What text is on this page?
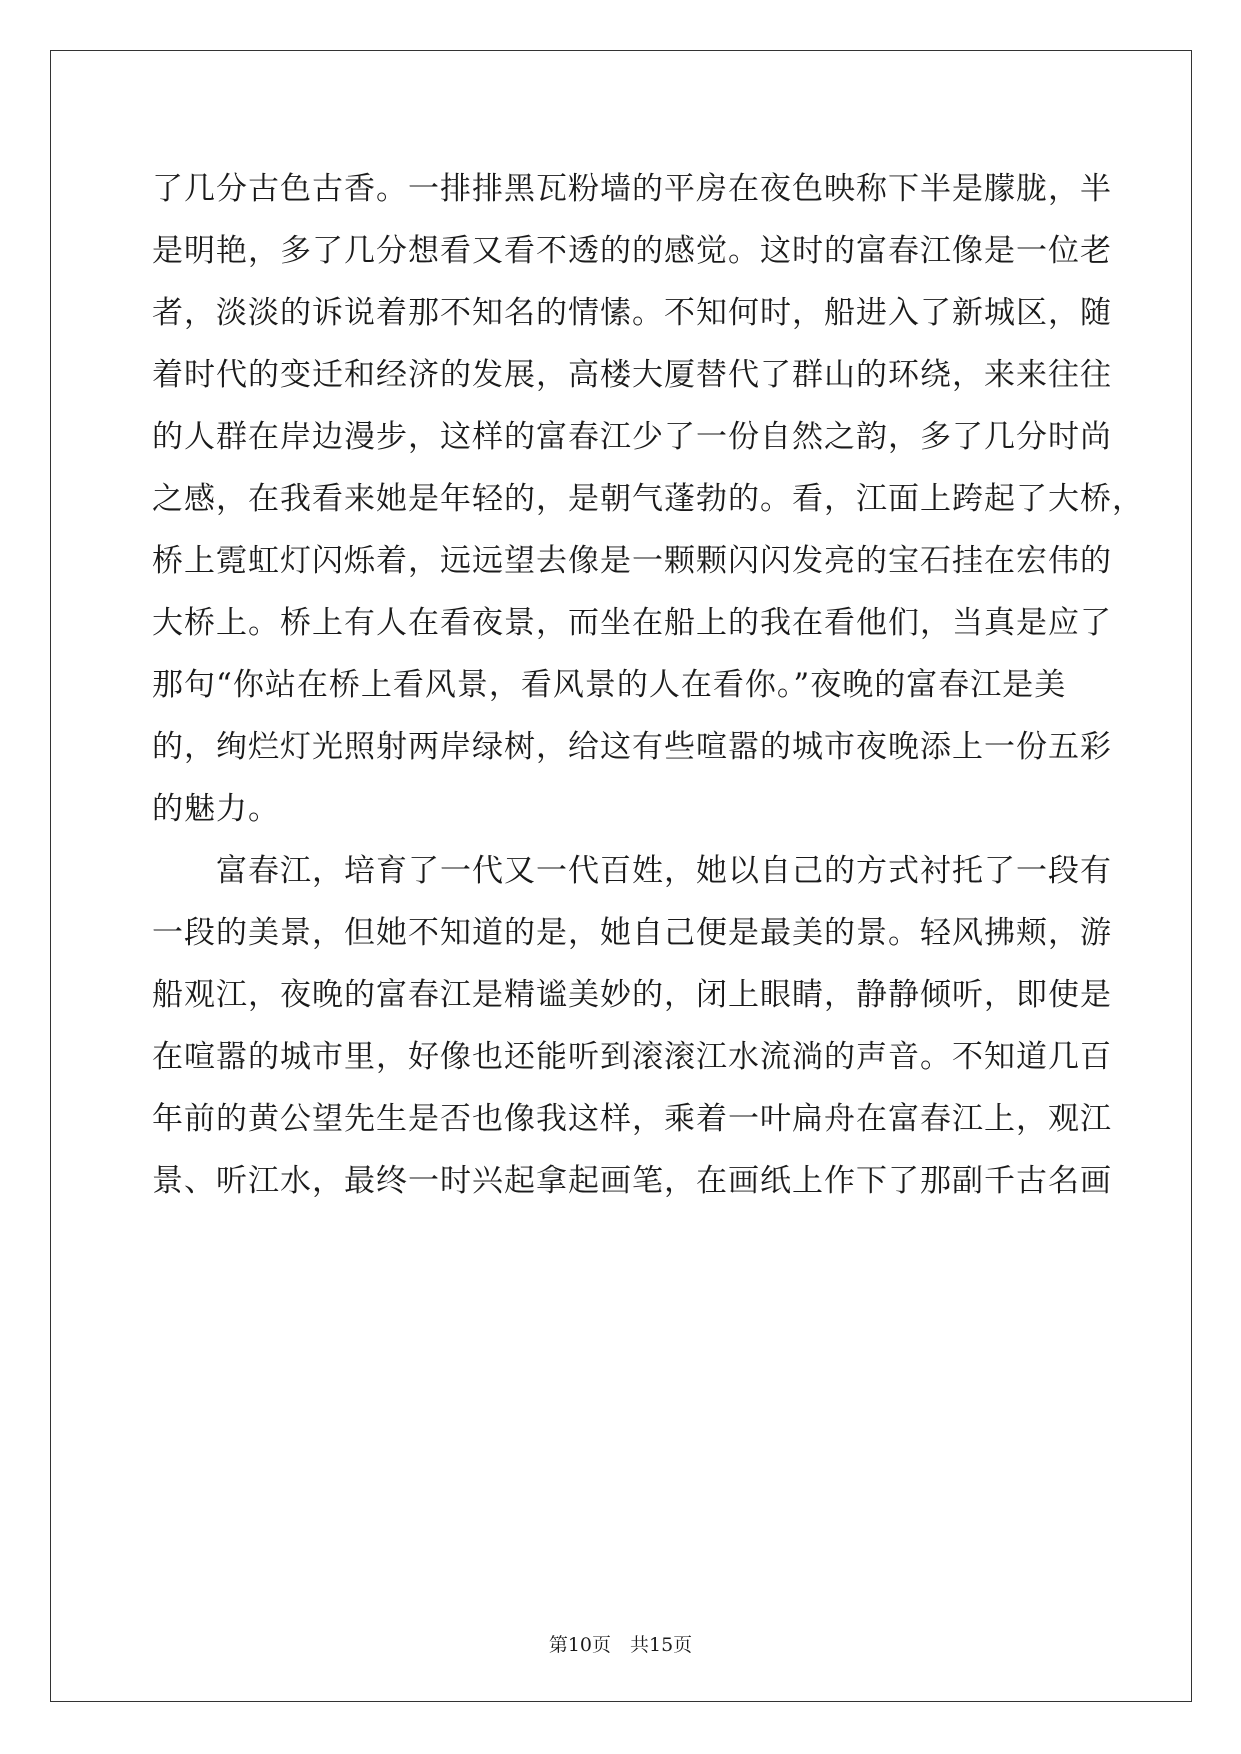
了几分古色古香。一排排黑瓦粉墙的平房在夜色映称下半是朦胧，半
是明艳，多了几分想看又看不透的的感觉。这时的富春江像是一位老
者，淡淡的诉说着那不知名的情愫。不知何时，船进入了新城区，随
着时代的变迁和经济的发展，高楼大厦替代了群山的环绕，来来往往
的人群在岸边漫步，这样的富春江少了一份自然之韵，多了几分时尚
之感，在我看来她是年轻的，是朝气蓬勃的。看，江面上跨起了大桥，
桥上霓虹灯闪烁着，远远望去像是一颗颗闪闪发亮的宝石挂在宏伟的
大桥上。桥上有人在看夜景，而坐在船上的我在看他们，当真是应了
那句“你站在桥上看风景，看风景的人在看你。”夜晚的富春江是美
的，绚烂灯光照射两岸绿树，给这有些喧嚣的城市夜晚添上一份五彩
的魅力。
富春江，培育了一代又一代百姓，她以自己的方式衬托了一段有
一段的美景，但她不知道的是，她自己便是最美的景。轻风拂颊，游
船观江，夜晚的富春江是精谧美妙的，闭上眼睛，静静倾听，即使是
在喧嚣的城市里，好像也还能听到滚滚江水流淌的声音。不知道几百
年前的黄公望先生是否也像我这样，乘着一叶扁舟在富春江上，观江
景、听江水，最终一时兴起拿起画笔，在画纸上作下了那副千古名画
第10页　共15页
